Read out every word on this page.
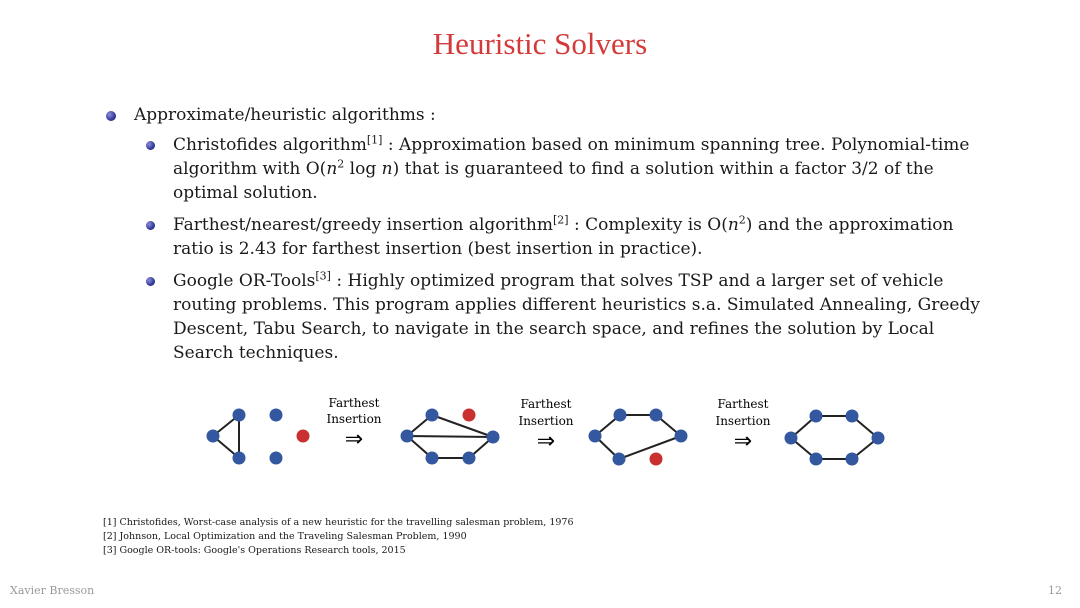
Heuristic Solvers
Approximate/heuristic algorithms :
Christofides algorithm[1] : Approximation based on minimum spanning tree. Polynomial-time algorithm with $O(n^2$ log n) that is guaranteed to find a solution within a factor 3/2 of the optimal solution.
Farthest/nearest/greedy insertion algorithm[2] : Complexity is $O(n^2)$ and the approximation ratio is 2.43 for farthest insertion (best insertion in practice).
Google OR-Tools[3] : Highly optimized program that solves TSP and a larger set of vehicle routing problems. This program applies different heuristics s.a. Simulated Annealing, Greedy Descent, Tabu Search, to navigate in the search space, and refines the solution by Local Search techniques.
Farthest
Insertion
⇒
Farthest
Insertion
⇒
Farthest
Insertion
⇒
[1] Christofides, Worst-case analysis of a new heuristic for the travelling salesman problem, 1976
[2] Johnson, Local Optimization and the Traveling Salesman Problem, 1990
[3] Google OR-tools: Google's Operations Research tools, 2015
Xavier Bresson	12
